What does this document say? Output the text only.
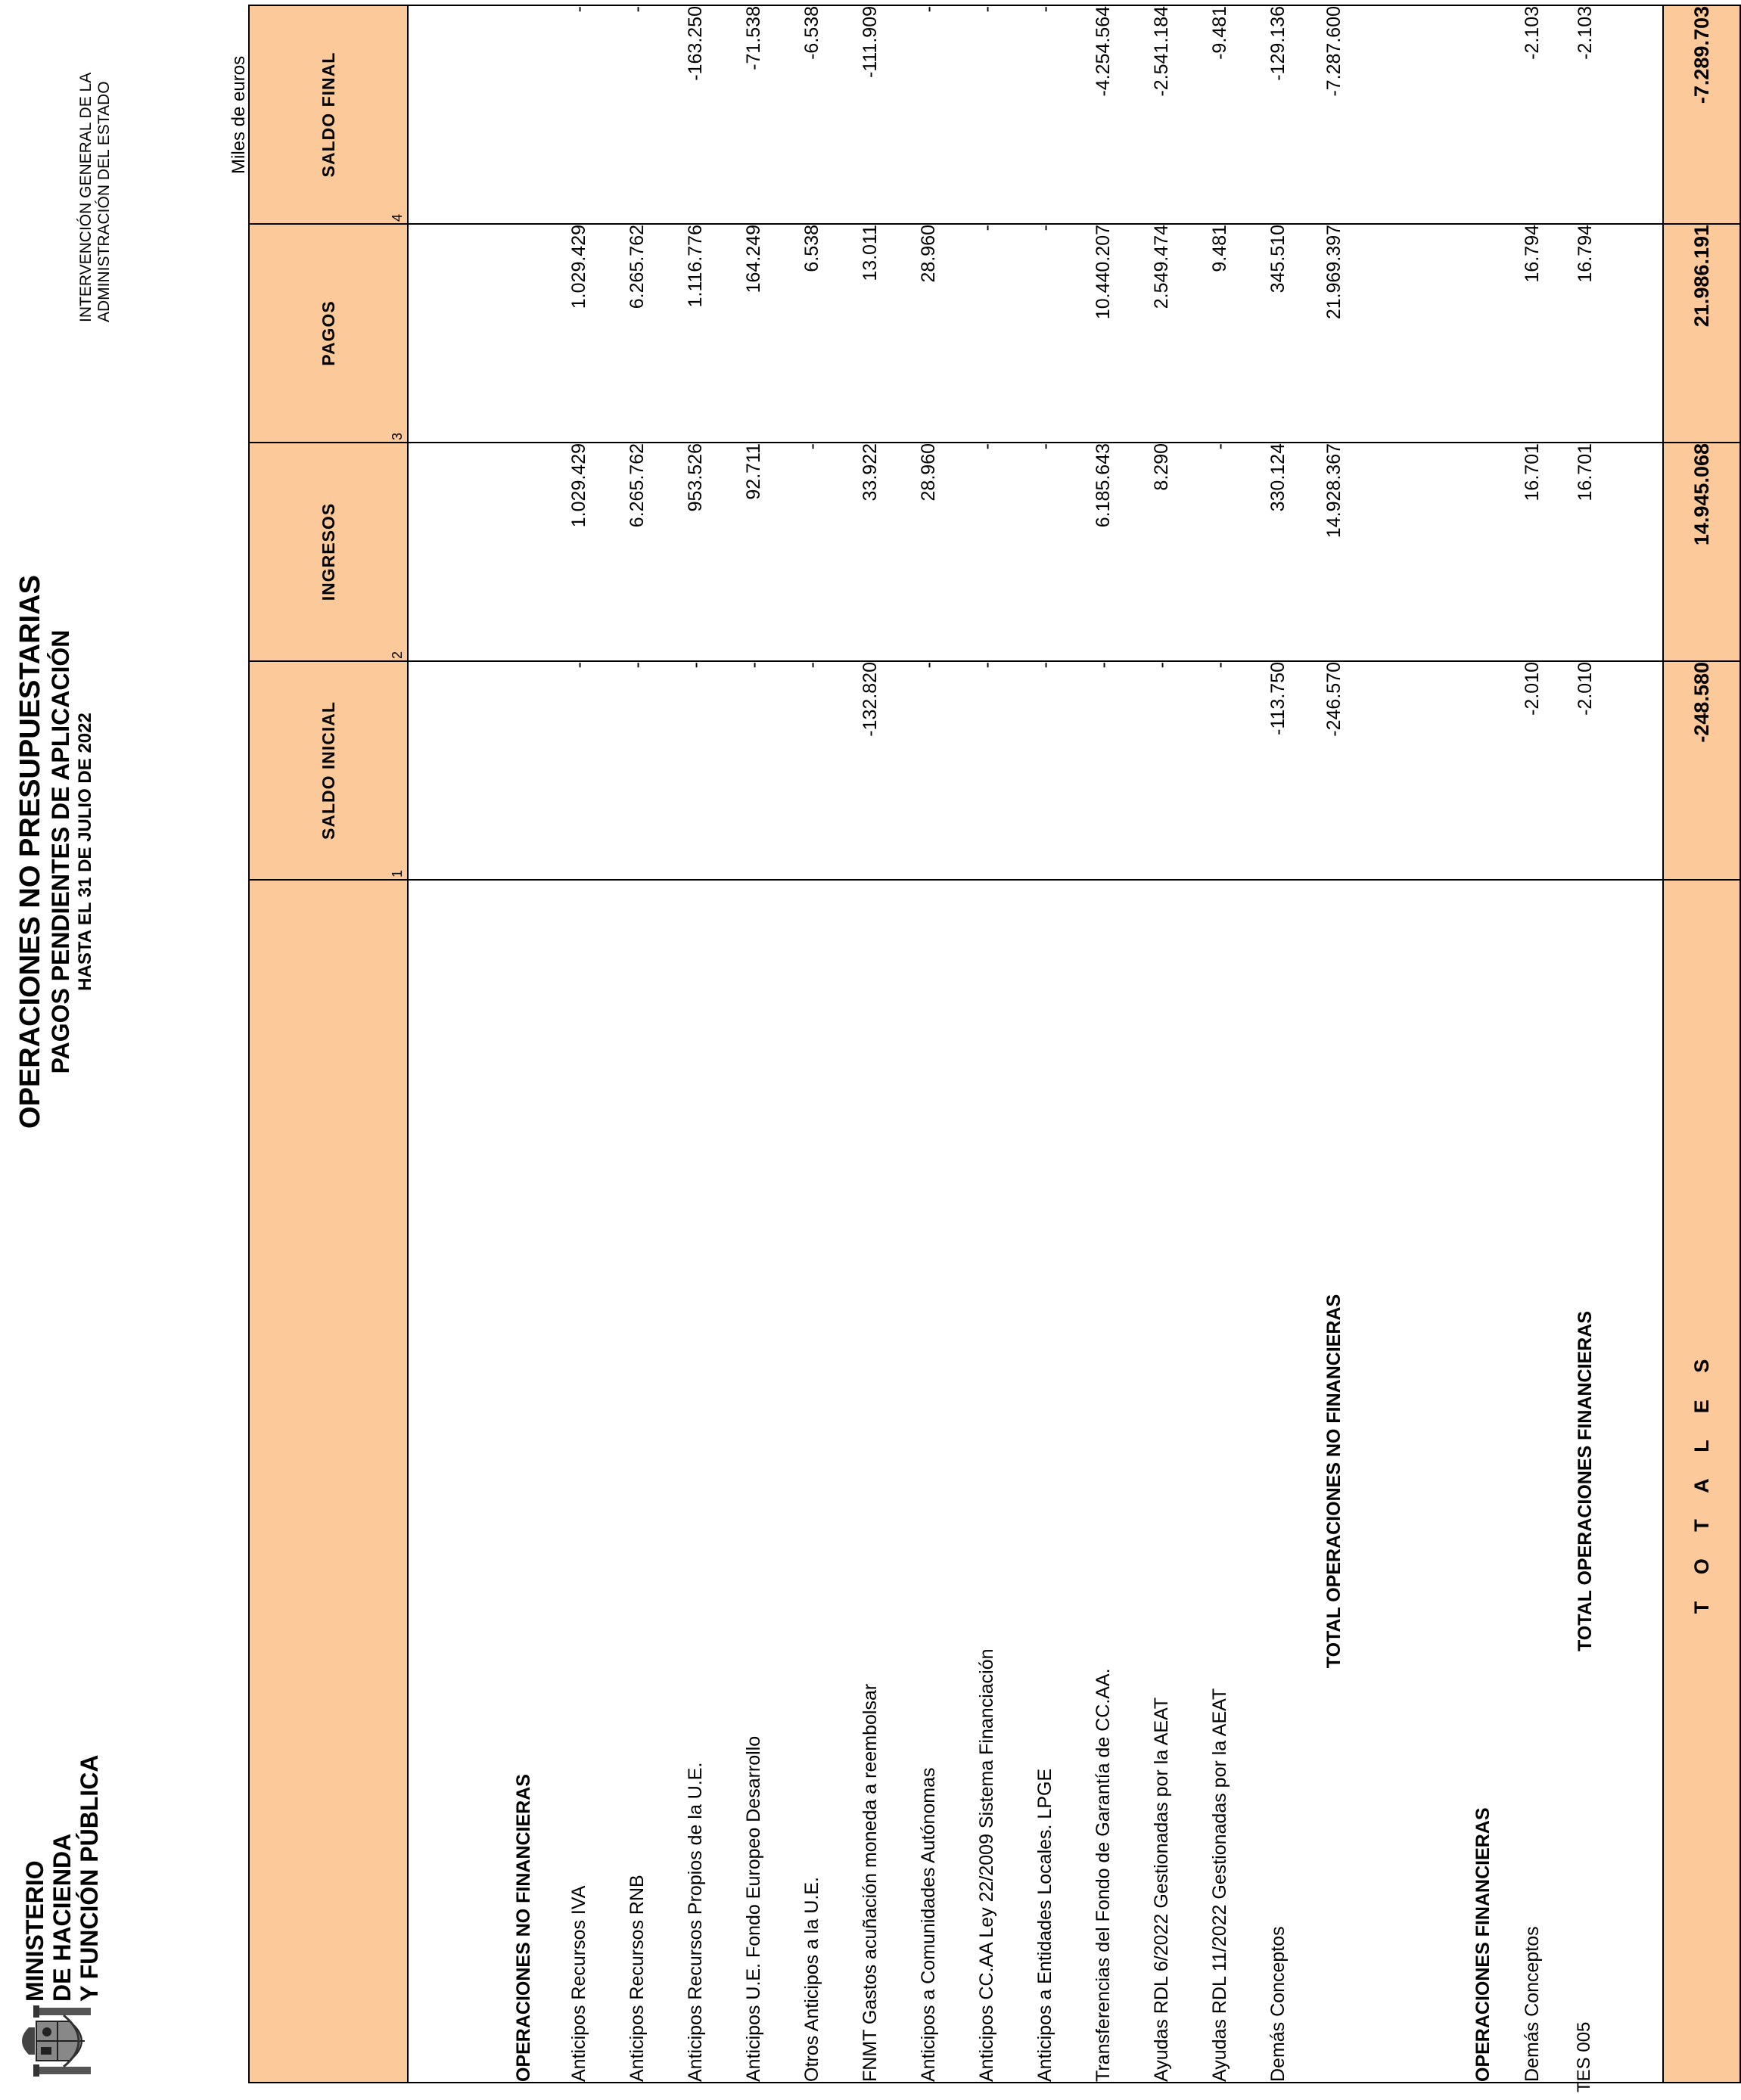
MINISTERIO DE HACIENDA Y FUNCIÓN PÚBLICA
OPERACIONES NO PRESUPUESTARIAS PAGOS PENDIENTES DE APLICACIÓN HASTA EL 31 DE JULIO DE 2022
INTERVENCIÓN GENERAL DE LA ADMINISTRACIÓN DEL ESTADO	Miles de euros
TES 005
	SALDO INICIAL
1	INGRESOS
2	PAGOS
3	SALDO FINAL
4

OPERACIONES NO FINANCIERAS				
Anticipos Recursos IVA	-	1.029.429	1.029.429	-
Anticipos Recursos RNB	-	6.265.762	6.265.762	-
Anticipos Recursos Propios de la U.E.	-	953.526	1.116.776	-163.250
Anticipos U.E. Fondo Europeo Desarrollo	-	92.711	164.249	-71.538
Otros Anticipos a la U.E.	-	-	6.538	-6.538
FNMT Gastos acuñación moneda a reembolsar	-132.820	33.922	13.011	-111.909
Anticipos a Comunidades Autónomas	-	28.960	28.960	-
Anticipos CC.AA Ley 22/2009 Sistema Financiación	-	-	-	-
Anticipos a Entidades Locales. LPGE	-	-	-	-
Transferencias del Fondo de Garantía de CC.AA.	-	6.185.643	10.440.207	-4.254.564
Ayudas RDL 6/2022 Gestionadas por la AEAT	-	8.290	2.549.474	-2.541.184
Ayudas RDL 11/2022 Gestionadas por la AEAT	-	-	9.481	-9.481
Demás Conceptos	-113.750	330.124	345.510	-129.136
TOTAL OPERACIONES NO FINANCIERAS	-246.570	14.928.367	21.969.397	-7.287.600

OPERACIONES FINANCIERAS				
Demás Conceptos	-2.010	16.701	16.794	-2.103
TOTAL OPERACIONES FINANCIERAS	-2.010	16.701	16.794	-2.103

T O T A L E S	-248.580	14.945.068	21.986.191	-7.289.703
